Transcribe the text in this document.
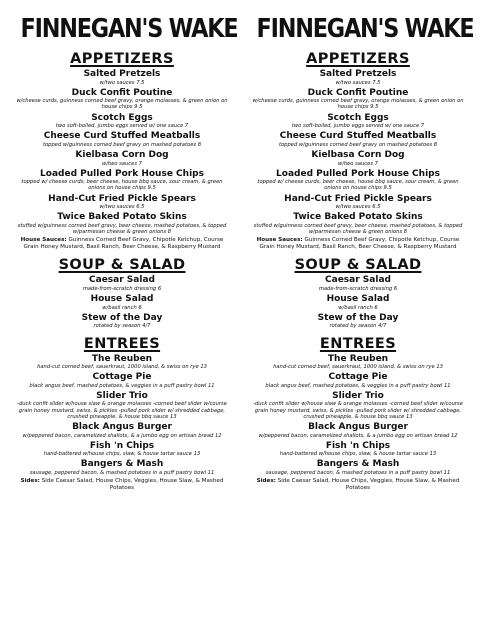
FINNEGAN'S WAKE
APPETIZERS
Salted Pretzels
w/two sauces 7.5
Duck Confit Poutine
w/cheese curds, guinness corned beef gravy, orange molasses, & green onion on house chips 9.5
Scotch Eggs
two soft-boiled, jumbo eggs served w/ one sauce 7
Cheese Curd Stuffed Meatballs
topped w/guinness corned beef gravy on mashed potatoes 8
Kielbasa Corn Dog
w/two sauces 7
Loaded Pulled Pork House Chips
topped w/ cheese curds, beer cheese, house bbq sauce, sour cream, & green onions on house chips 9.5
Hand-Cut Fried Pickle Spears
w/two sauces 6.5
Twice Baked Potato Skins
stuffed w/guinness corned beef gravy, beer cheese, mashed potatoes, & topped w/parmesan cheese & green onions 8
House Sauces: Guinness Corned Beef Gravy, Chipotle Ketchup, Course Grain Honey Mustard, Basil Ranch, Beer Cheese, & Raspberry Mustard
SOUP & SALAD
Caesar Salad
made-from-scratch dressing 6
House Salad
w/basil ranch 6
Stew of the Day
rotated by season 4/7
ENTREES
The Reuben
hand-cut corned beef, sauerkraut, 1000 island, & swiss on rye 13
Cottage Pie
black angus beef, mashed potatoes, & veggies in a puff pastry bowl 11
Slider Trio
-duck confit slider w/house slaw & orange molasses -corned beef slider w/course grain honey mustard, swiss, & pickles -pulled pork slider w/ shredded cabbage, crushed pineapple, & house bbq sauce 13
Black Angus Burger
w/peppered bacon, caramelized shallots, & a jumbo egg on artisan bread 12
Fish 'n Chips
hand-battered w/house chips, slaw, & house tartar sauce 13
Bangers & Mash
sausage, peppered bacon, & mashed potatoes in a puff pastry bowl 11
Sides: Side Caesar Salad, House Chips, Veggies, House Slaw, & Mashed Potatoes
FINNEGAN'S WAKE
APPETIZERS
Salted Pretzels
w/two sauces 7.5
Duck Confit Poutine
w/cheese curds, guinness corned beef gravy, orange molasses, & green onion on house chips 9.5
Scotch Eggs
two soft-boiled, jumbo eggs served w/ one sauce 7
Cheese Curd Stuffed Meatballs
topped w/guinness corned beef gravy on mashed potatoes 8
Kielbasa Corn Dog
w/two sauces 7
Loaded Pulled Pork House Chips
topped w/ cheese curds, beer cheese, house bbq sauce, sour cream, & green onions on house chips 9.5
Hand-Cut Fried Pickle Spears
w/two sauces 6.5
Twice Baked Potato Skins
stuffed w/guinness corned beef gravy, beer cheese, mashed potatoes, & topped w/parmesan cheese & green onions 8
House Sauces: Guinness Corned Beef Gravy, Chipotle Ketchup, Course Grain Honey Mustard, Basil Ranch, Beer Cheese, & Raspberry Mustard
SOUP & SALAD
Caesar Salad
made-from-scratch dressing 6
House Salad
w/basil ranch 6
Stew of the Day
rotated by season 4/7
ENTREES
The Reuben
hand-cut corned beef, sauerkraut, 1000 island, & swiss on rye 13
Cottage Pie
black angus beef, mashed potatoes, & veggies in a puff pastry bowl 11
Slider Trio
-duck confit slider w/house slaw & orange molasses -corned beef slider w/course grain honey mustard, swiss, & pickles -pulled pork slider w/ shredded cabbage, crushed pineapple, & house bbq sauce 13
Black Angus Burger
w/peppered bacon, caramelized shallots, & a jumbo egg on artisan bread 12
Fish 'n Chips
hand-battered w/house chips, slaw, & house tartar sauce 13
Bangers & Mash
sausage, peppered bacon, & mashed potatoes in a puff pastry bowl 11
Sides: Side Caesar Salad, House Chips, Veggies, House Slaw, & Mashed Potatoes
